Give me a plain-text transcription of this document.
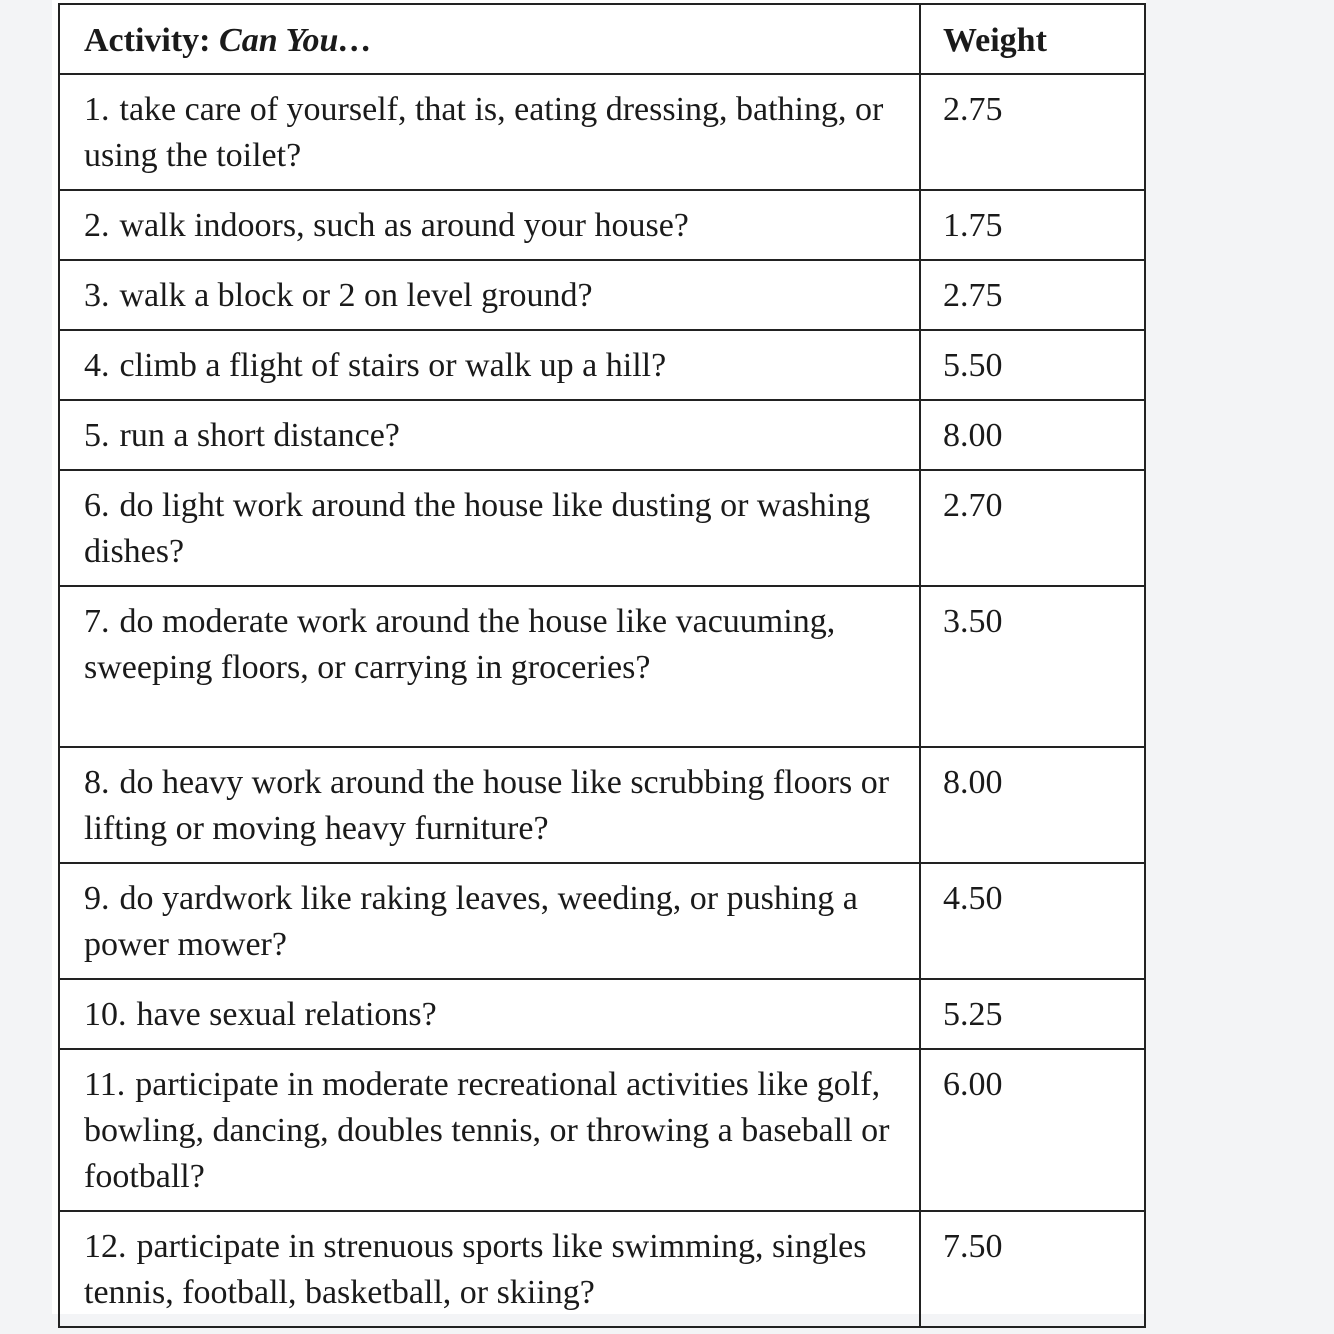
Activity: Can You…	Weight
1. take care of yourself, that is, eating dressing, bathing, or using the toilet?	2.75
2. walk indoors, such as around your house?	1.75
3. walk a block or 2 on level ground?	2.75
4. climb a flight of stairs or walk up a hill?	5.50
5. run a short distance?	8.00
6. do light work around the house like dusting or washing dishes?	2.70
7. do moderate work around the house like vacuuming, sweeping floors, or carrying in groceries?	3.50
8. do heavy work around the house like scrubbing floors or lifting or moving heavy furniture?	8.00
9. do yardwork like raking leaves, weeding, or pushing a power mower?	4.50
10. have sexual relations?	5.25
11. participate in moderate recreational activities like golf, bowling, dancing, doubles tennis, or throwing a baseball or football?	6.00
12. participate in strenuous sports like swimming, singles tennis, football, basketball, or skiing?	7.50
